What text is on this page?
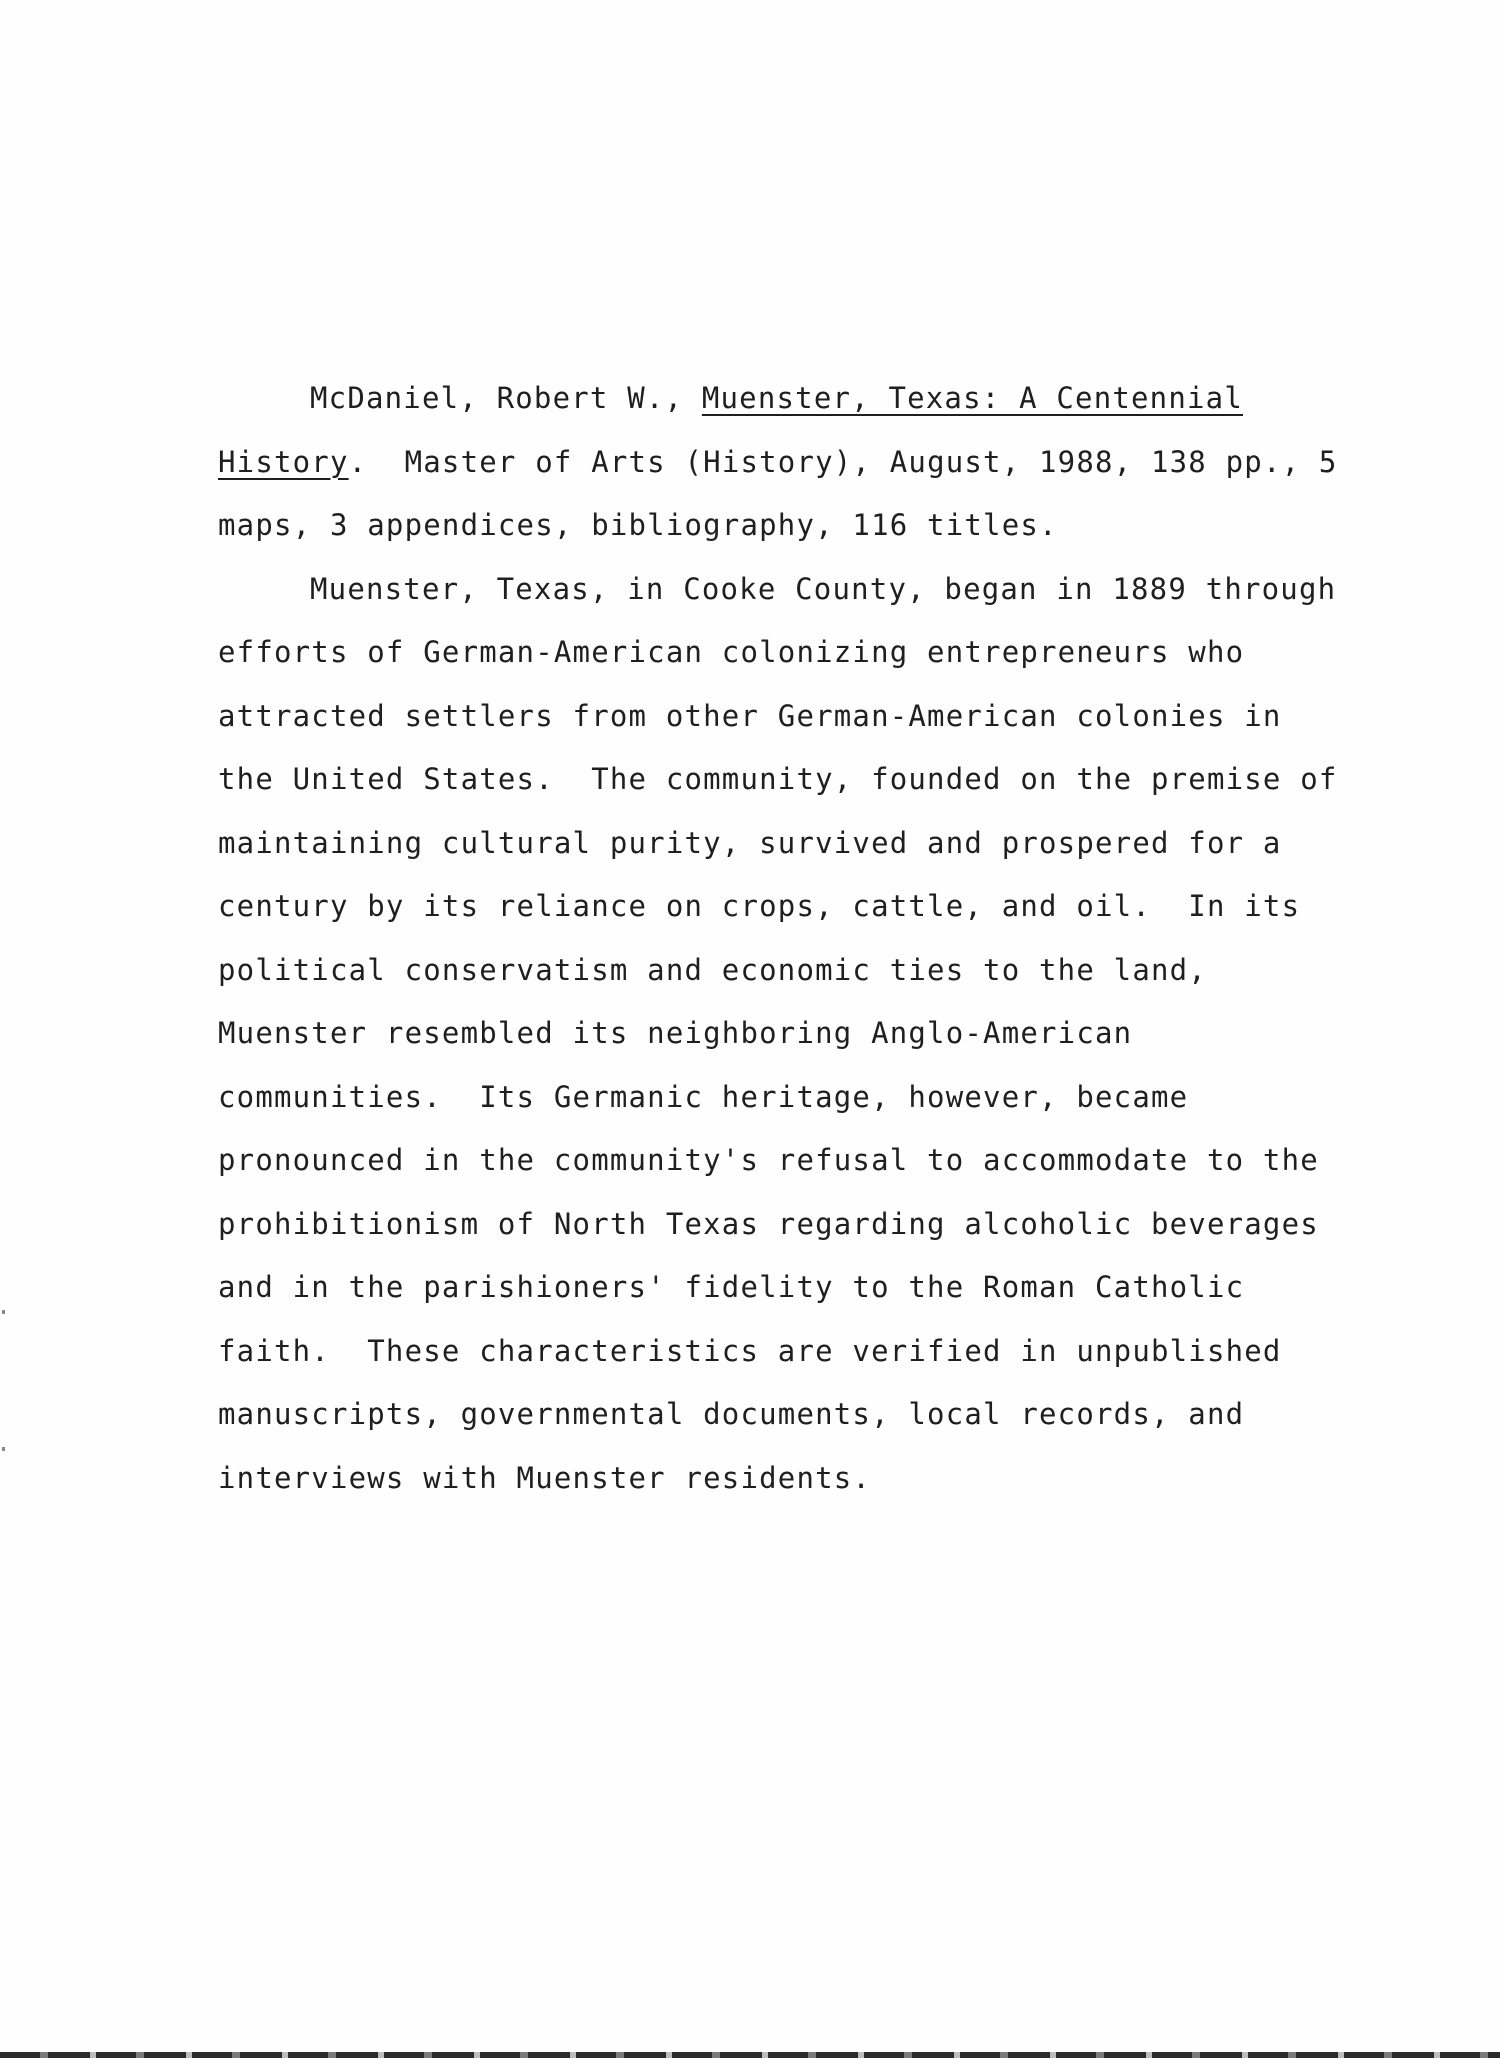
McDaniel, Robert W., Muenster, Texas: A Centennial
History.  Master of Arts (History), August, 1988, 138 pp., 5
maps, 3 appendices, bibliography, 116 titles.
Muenster, Texas, in Cooke County, began in 1889 through
efforts of German-American colonizing entrepreneurs who
attracted settlers from other German-American colonies in
the United States.  The community, founded on the premise of
maintaining cultural purity, survived and prospered for a
century by its reliance on crops, cattle, and oil.  In its
political conservatism and economic ties to the land,
Muenster resembled its neighboring Anglo-American
communities.  Its Germanic heritage, however, became
pronounced in the community's refusal to accommodate to the
prohibitionism of North Texas regarding alcoholic beverages
and in the parishioners' fidelity to the Roman Catholic
faith.  These characteristics are verified in unpublished
manuscripts, governmental documents, local records, and
interviews with Muenster residents.
